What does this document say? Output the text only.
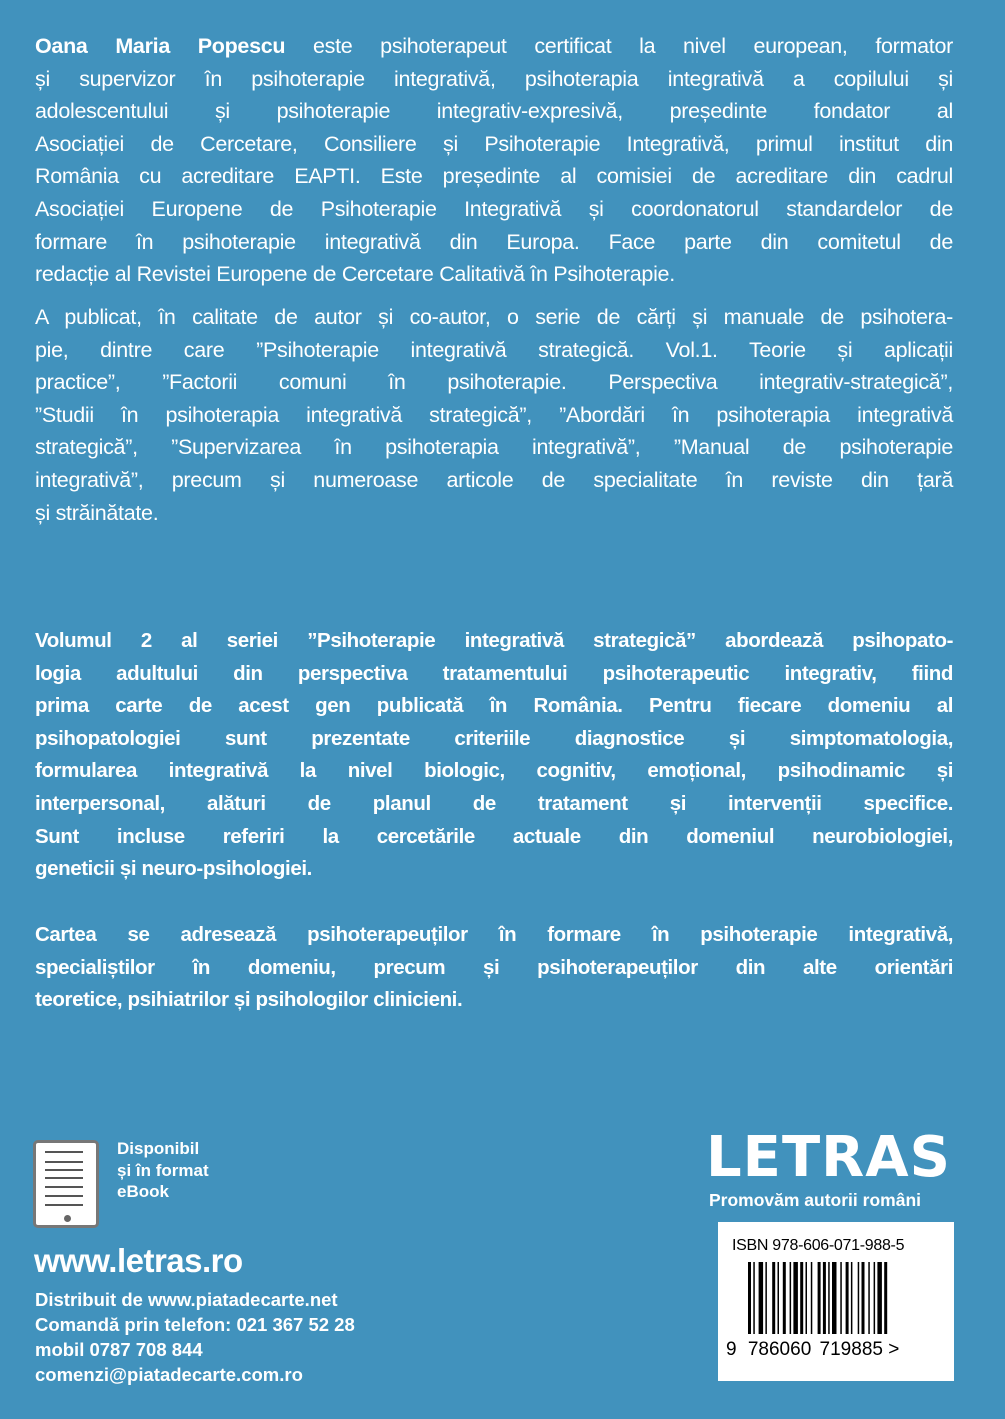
Oana Maria Popescu este psihoterapeut certificat la nivel european, formator
și supervizor în psihoterapie integrativă, psihoterapia integrativă a copilului și
adolescentului și psihoterapie integrativ-expresivă, președinte fondator al
Asociației de Cercetare, Consiliere și Psihoterapie Integrativă, primul institut din
România cu acreditare EAPTI. Este președinte al comisiei de acreditare din cadrul
Asociației Europene de Psihoterapie Integrativă și coordonatorul standardelor de
formare în psihoterapie integrativă din Europa. Face parte din comitetul de
redacție al Revistei Europene de Cercetare Calitativă în Psihoterapie.
A publicat, în calitate de autor și co-autor, o serie de cărți și manuale de psihotera-
pie, dintre care ”Psihoterapie integrativă strategică. Vol.1. Teorie și aplicații
practice”, ”Factorii comuni în psihoterapie. Perspectiva integrativ-strategică”,
”Studii în psihoterapia integrativă strategică”, ”Abordări în psihoterapia integrativă
strategică”, ”Supervizarea în psihoterapia integrativă”, ”Manual de psihoterapie
integrativă”, precum și numeroase articole de specialitate în reviste din țară
și străinătate.
Volumul 2 al seriei ”Psihoterapie integrativă strategică” abordează psihopato-
logia adultului din perspectiva tratamentului psihoterapeutic integrativ, fiind
prima carte de acest gen publicată în România. Pentru fiecare domeniu al
psihopatologiei sunt prezentate criteriile diagnostice și simptomatologia,
formularea integrativă la nivel biologic, cognitiv, emoțional, psihodinamic și
interpersonal, alături de planul de tratament și intervenții specifice.
Sunt incluse referiri la cercetările actuale din domeniul neurobiologiei,
geneticii și neuro-psihologiei.
Cartea se adresează psihoterapeuților în formare în psihoterapie integrativă,
specialiștilor în domeniu, precum și psihoterapeuților din alte orientări
teoretice, psihiatrilor și psihologilor clinicieni.
Disponibil
și în format
eBook
www.letras.ro
Distribuit de www.piatadecarte.net
Comandă prin telefon: 021 367 52 28
mobil 0787 708 844
comenzi@piatadecarte.com.ro
LETRAS
Promovăm autorii români
ISBN 978-606-071-988-5
9 786060 719885 >
